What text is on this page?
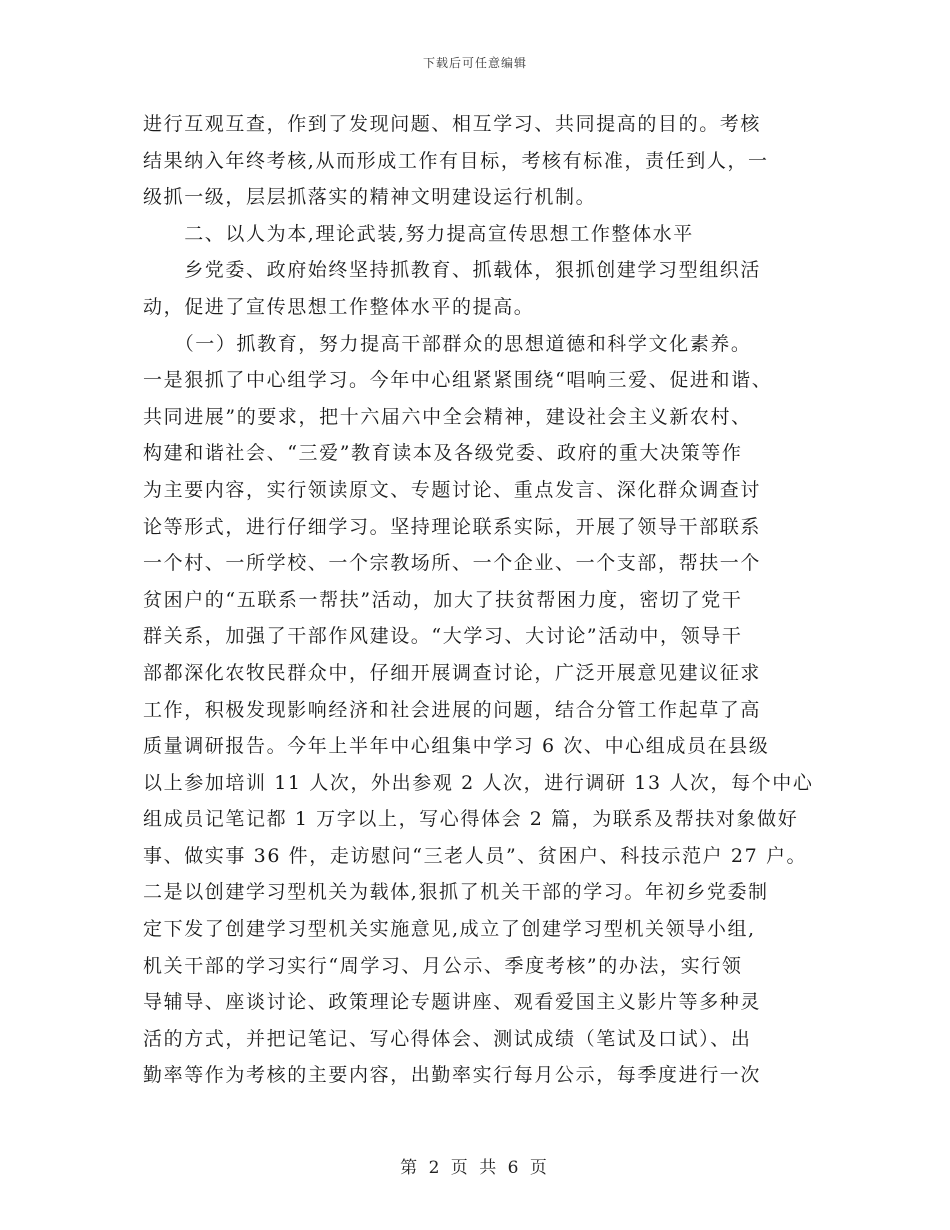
下载后可任意编辑
进行互观互查，作到了发现问题、相互学习、共同提高的目的。考核
结果纳入年终考核,从而形成工作有目标，考核有标准，责任到人，一
级抓一级，层层抓落实的精神文明建设运行机制。
　　二、以人为本,理论武装,努力提高宣传思想工作整体水平
　　乡党委、政府始终坚持抓教育、抓载体，狠抓创建学习型组织活
动，促进了宣传思想工作整体水平的提高。
　　（一）抓教育，努力提高干部群众的思想道德和科学文化素养。
一是狠抓了中心组学习。今年中心组紧紧围绕“唱响三爱、促进和谐、
共同进展”的要求，把十六届六中全会精神，建设社会主义新农村、
构建和谐社会、“三爱”教育读本及各级党委、政府的重大决策等作
为主要内容，实行领读原文、专题讨论、重点发言、深化群众调查讨
论等形式，进行仔细学习。坚持理论联系实际，开展了领导干部联系
一个村、一所学校、一个宗教场所、一个企业、一个支部，帮扶一个
贫困户的“五联系一帮扶”活动，加大了扶贫帮困力度，密切了党干
群关系，加强了干部作风建设。“大学习、大讨论”活动中，领导干
部都深化农牧民群众中，仔细开展调查讨论，广泛开展意见建议征求
工作，积极发现影响经济和社会进展的问题，结合分管工作起草了高
质量调研报告。今年上半年中心组集中学习 6 次、中心组成员在县级
以上参加培训 11 人次，外出参观 2 人次，进行调研 13 人次，每个中心
组成员记笔记都 1 万字以上，写心得体会 2 篇，为联系及帮扶对象做好
事、做实事 36 件，走访慰问“三老人员”、贫困户、科技示范户 27 户。
二是以创建学习型机关为载体,狠抓了机关干部的学习。年初乡党委制
定下发了创建学习型机关实施意见,成立了创建学习型机关领导小组,
机关干部的学习实行“周学习、月公示、季度考核”的办法，实行领
导辅导、座谈讨论、政策理论专题讲座、观看爱国主义影片等多种灵
活的方式，并把记笔记、写心得体会、测试成绩（笔试及口试）、出
勤率等作为考核的主要内容，出勤率实行每月公示，每季度进行一次
第 2 页 共 6 页
